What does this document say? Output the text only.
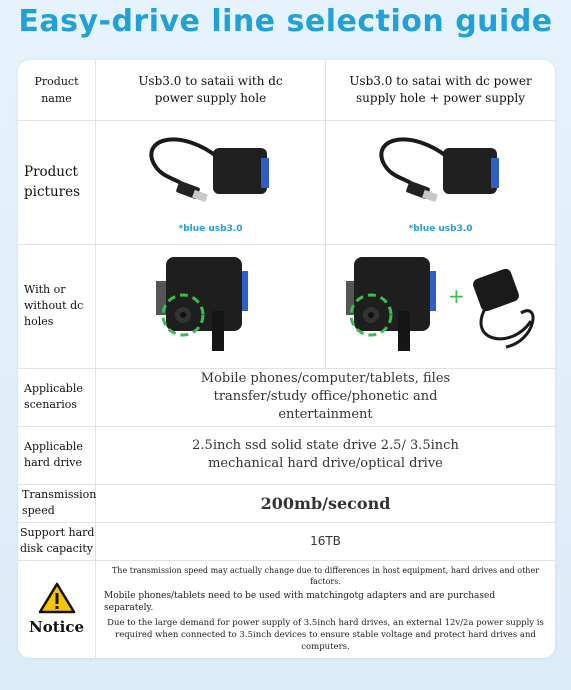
Easy-drive line selection guide
Product name
Usb3.0 to sataii with dc power supply hole
Usb3.0 to satai with dc power supply hole + power supply
Product pictures
*blue usb3.0	*blue usb3.0
With or without dc holes
+
Applicable scenarios
Mobile phones/computer/tablets, files transfer/study office/phonetic and entertainment
Applicable hard drive
2.5inch ssd solid state drive 2.5/ 3.5inch mechanical hard drive/optical drive
Transmission speed	200mb/second
Support hard disk capacity
16TB
Notice
The transmission speed may actually change due to differences in host equipment, hard drives and other factors.
Mobile phones/tablets need to be used with matchingotg adapters and are purchased separately.
Due to the large demand for power supply of 3.5inch hard drives, an external 12v/2a power supply is required when connected to 3.5inch devices to ensure stable voltage and protect hard drives and computers.
